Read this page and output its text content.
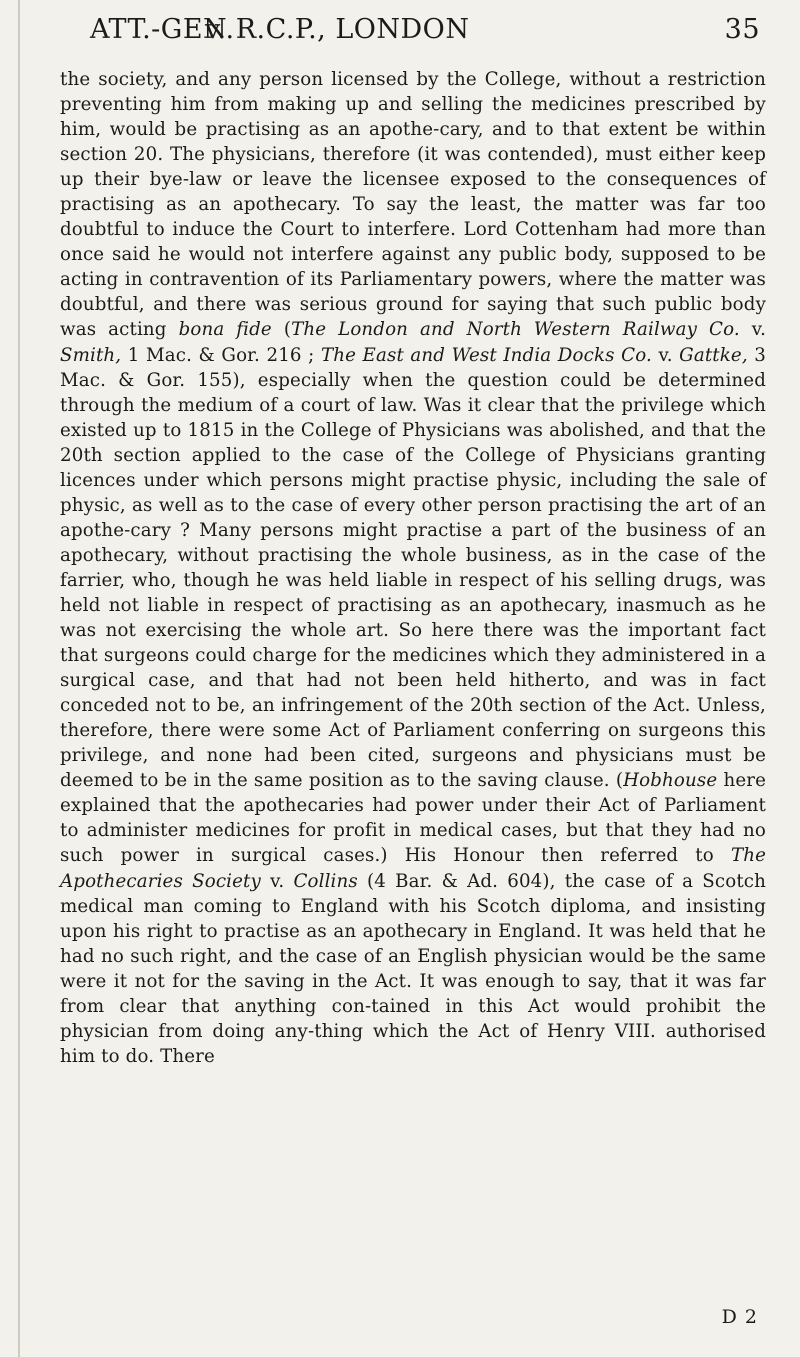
ATT.-GEN.
v. R.C.P., LONDON	35

the society, and any person licensed by the College, without a restriction preventing him from making up and selling the medicines prescribed by him, would be practising as an apothe-cary, and to that extent be within section 20. The physicians, therefore (it was contended), must either keep up their bye-law or leave the licensee exposed to the consequences of practising as an apothecary. To say the least, the matter was far too doubtful to induce the Court to interfere. Lord Cottenham had more than once said he would not interfere against any public body, supposed to be acting in contravention of its Parliamentary powers, where the matter was doubtful, and there was serious ground for saying that such public body was acting bona fide (The London and North Western Railway Co. v. Smith, 1 Mac. & Gor. 216 ; The East and West India Docks Co. v. Gattke, 3 Mac. & Gor. 155), especially when the question could be determined through the medium of a court of law. Was it clear that the privilege which existed up to 1815 in the College of Physicians was abolished, and that the 20th section applied to the case of the College of Physicians granting licences under which persons might practise physic, including the sale of physic, as well as to the case of every other person practising the art of an apothe-cary ? Many persons might practise a part of the business of an apothecary, without practising the whole business, as in the case of the farrier, who, though he was held liable in respect of his selling drugs, was held not liable in respect of practising as an apothecary, inasmuch as he was not exercising the whole art. So here there was the important fact that surgeons could charge for the medicines which they administered in a surgical case, and that had not been held hitherto, and was in fact conceded not to be, an infringement of the 20th section of the Act. Unless, therefore, there were some Act of Parliament conferring on surgeons this privilege, and none had been cited, surgeons and physicians must be deemed to be in the same position as to the saving clause. (Hobhouse here explained that the apothecaries had power under their Act of Parliament to administer medicines for profit in medical cases, but that they had no such power in surgical cases.) His Honour then referred to The Apothecaries Society v. Collins (4 Bar. & Ad. 604), the case of a Scotch medical man coming to England with his Scotch diploma, and insisting upon his right to practise as an apothecary in England. It was held that he had no such right, and the case of an English physician would be the same were it not for the saving in the Act. It was enough to say, that it was far from clear that anything con-tained in this Act would prohibit the physician from doing any-thing which the Act of Henry VIII. authorised him to do. There

D 2
